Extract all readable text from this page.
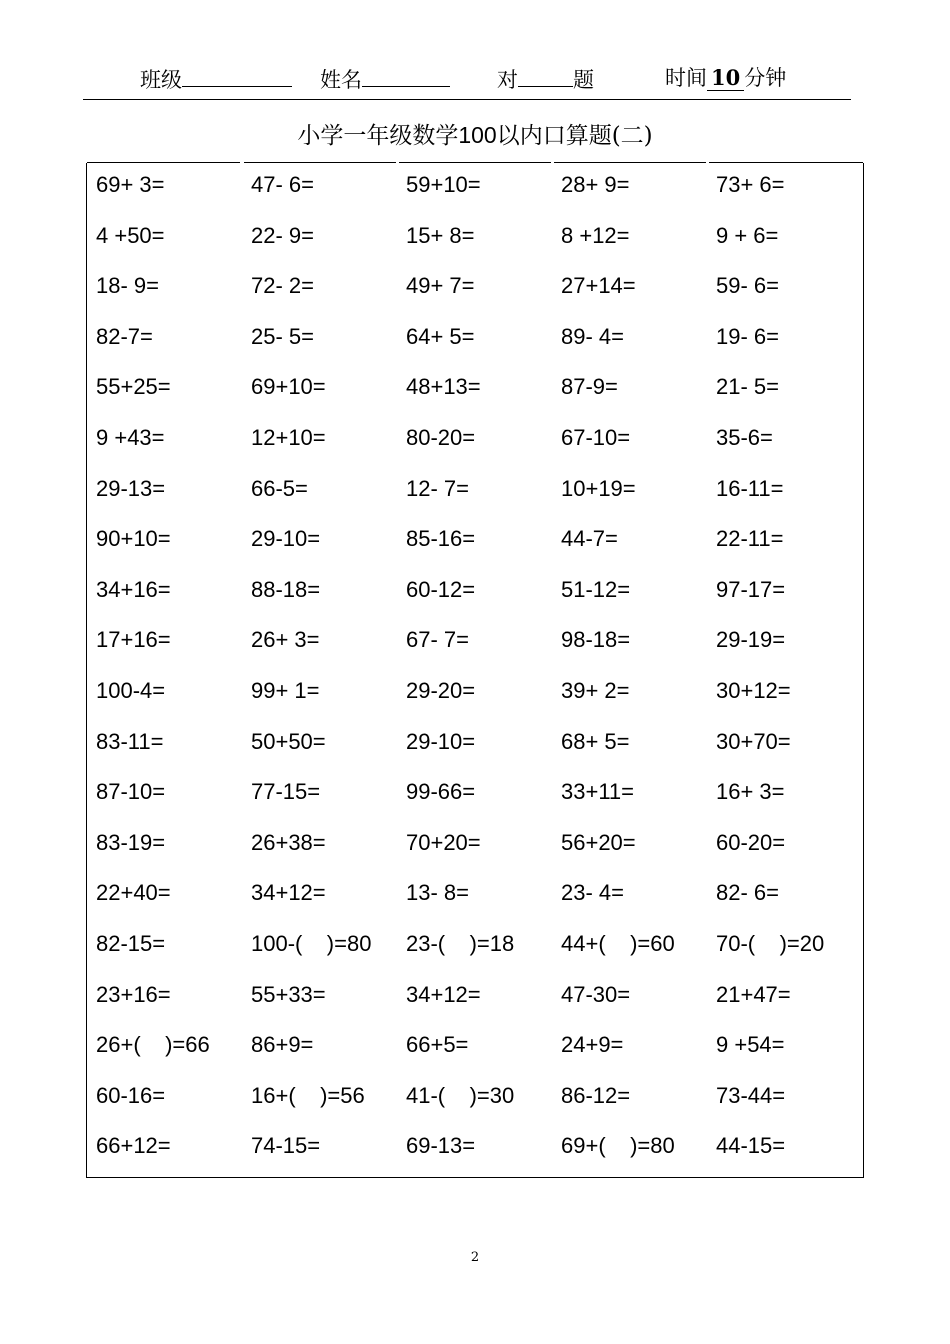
班级	姓名	对	题	时间 10 分钟
小学一年级数学100以内口算题(二)
69+ 3=	47- 6=	59+10=	28+ 9=	73+ 6=
4 +50=	22- 9=	15+ 8=	8 +12=	9 + 6=
18- 9=	72- 2=	49+ 7=	27+14=	59- 6=
82-7=	25- 5=	64+ 5=	89- 4=	19- 6=
55+25=	69+10=	48+13=	87-9=	21- 5=
9 +43=	12+10=	80-20=	67-10=	35-6=
29-13=	66-5=	12- 7=	10+19=	16-11=
90+10=	29-10=	85-16=	44-7=	22-11=
34+16=	88-18=	60-12=	51-12=	97-17=
17+16=	26+ 3=	67- 7=	98-18=	29-19=
100-4=	99+ 1=	29-20=	39+ 2=	30+12=
83-11=	50+50=	29-10=	68+ 5=	30+70=
87-10=	77-15=	99-66=	33+11=	16+ 3=
83-19=	26+38=	70+20=	56+20=	60-20=
22+40=	34+12=	13- 8=	23- 4=	82- 6=
82-15=	100-(    )=80	23-(    )=18	44+(    )=60	70-(    )=20
23+16=	55+33=	34+12=	47-30=	21+47=
26+(    )=66	86+9=	66+5=	24+9=	9 +54=
60-16=	16+(    )=56	41-(    )=30	86-12=	73-44=
66+12=	74-15=	69-13=	69+(    )=80	44-15=
2
